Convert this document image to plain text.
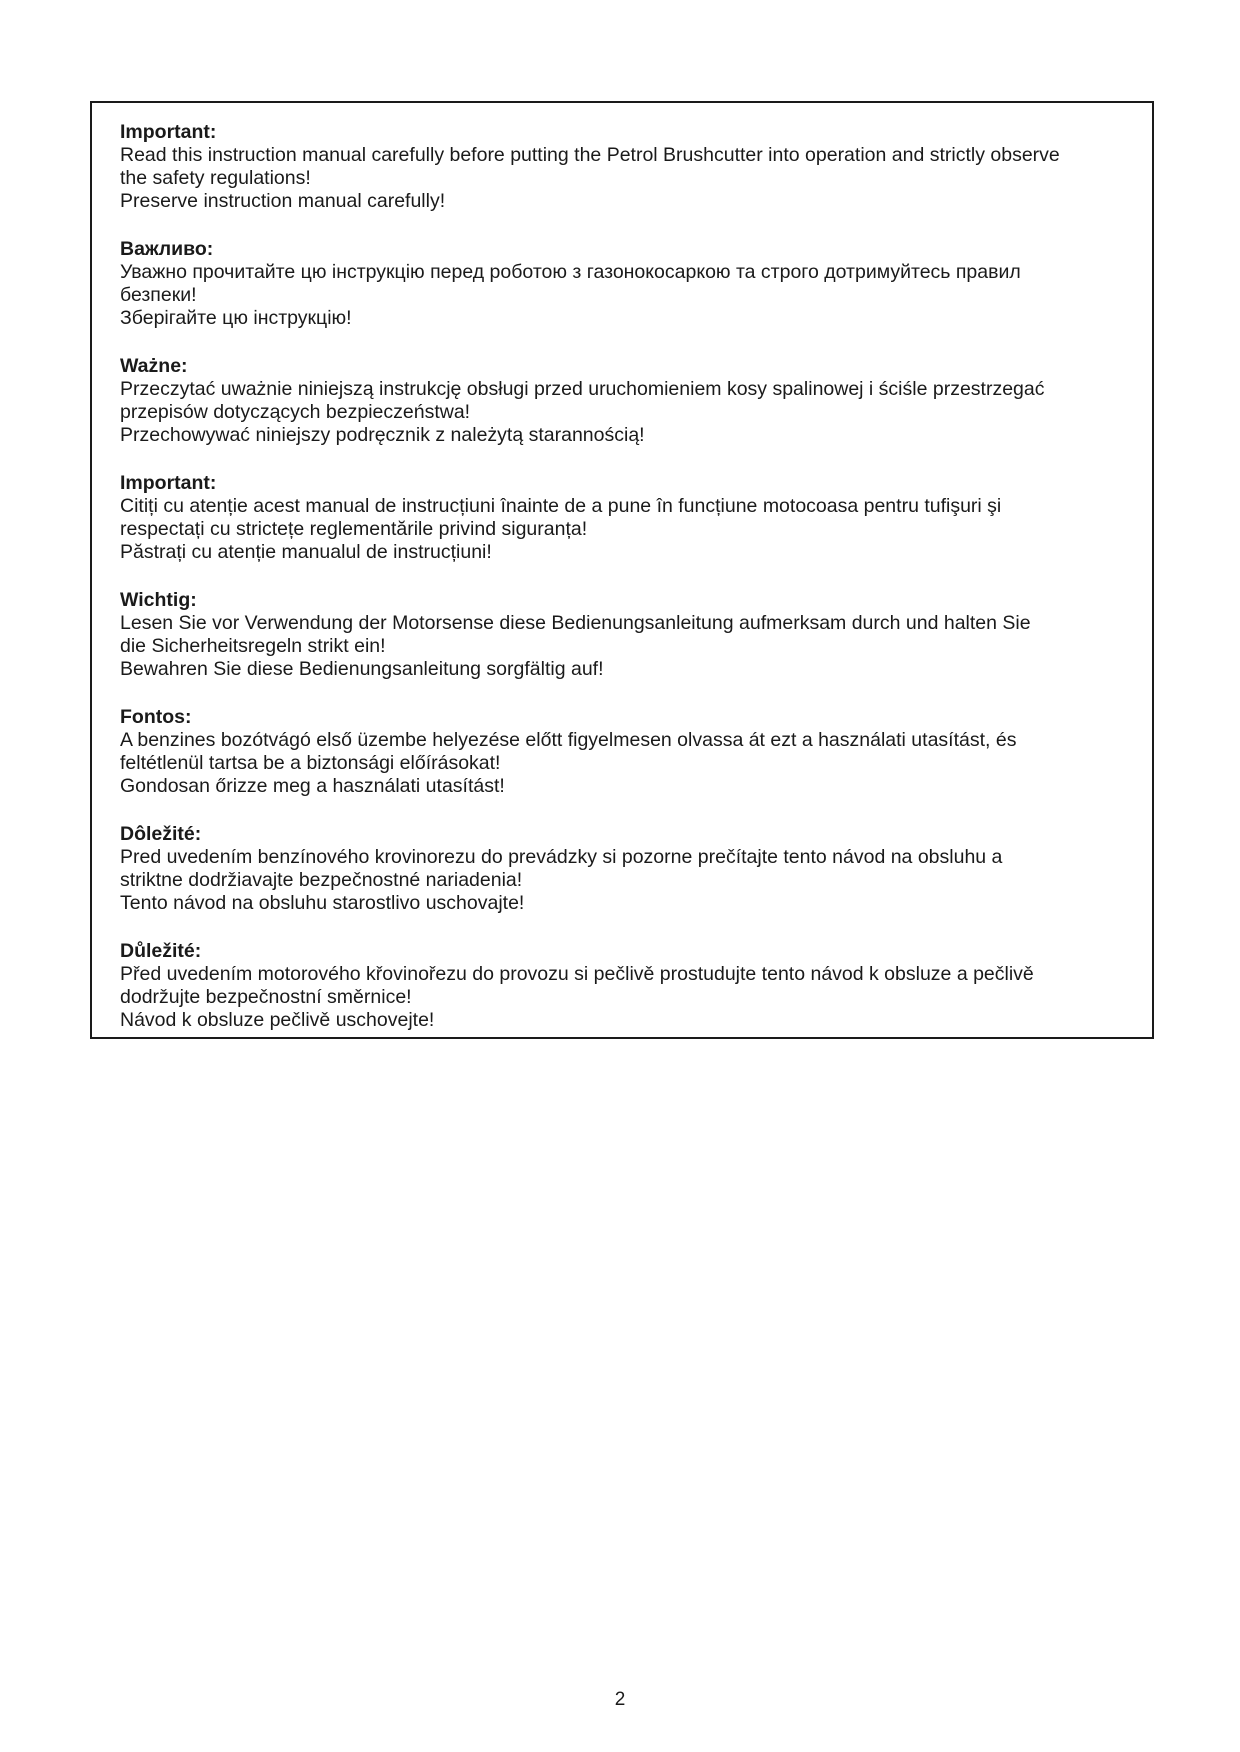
Important:

Read this instruction manual carefully before putting the Petrol Brushcutter into operation and strictly observe

the safety regulations!

Preserve instruction manual carefully!

Важливо:

Уважно прочитайте цю інструкцію перед роботою з газонокосаркою та строго дотримуйтесь правил

безпеки!

Зберігайте цю інструкцію!

Ważne:

Przeczytać uważnie niniejszą instrukcję obsługi przed uruchomieniem kosy spalinowej i ściśle przestrzegać

przepisów dotyczących bezpieczeństwa!

Przechowywać niniejszy podręcznik z należytą starannością!

Important:

Citiți cu atenție acest manual de instrucțiuni înainte de a pune în funcțiune motocoasa pentru tufişuri şi

respectați cu strictețe reglementările privind siguranța!

Păstrați cu atenție manualul de instrucțiuni!

Wichtig:

Lesen Sie vor Verwendung der Motorsense diese Bedienungsanleitung aufmerksam durch und halten Sie

die Sicherheitsregeln strikt ein!

Bewahren Sie diese Bedienungsanleitung sorgfältig auf!

Fontos:

A benzines bozótvágó első üzembe helyezése előtt figyelmesen olvassa át ezt a használati utasítást, és

feltétlenül tartsa be a biztonsági előírásokat!

Gondosan őrizze meg a használati utasítást!

Dôležité:

Pred uvedením benzínového krovinorezu do prevádzky si pozorne prečítajte tento návod na obsluhu a

striktne dodržiavajte bezpečnostné nariadenia!

Tento návod na obsluhu starostlivo uschovajte!

Důležité:

Před uvedením motorového křovinořezu do provozu si pečlivě prostudujte tento návod k obsluze a pečlivě

dodržujte bezpečnostní směrnice!

Návod k obsluze pečlivě uschovejte!

2
